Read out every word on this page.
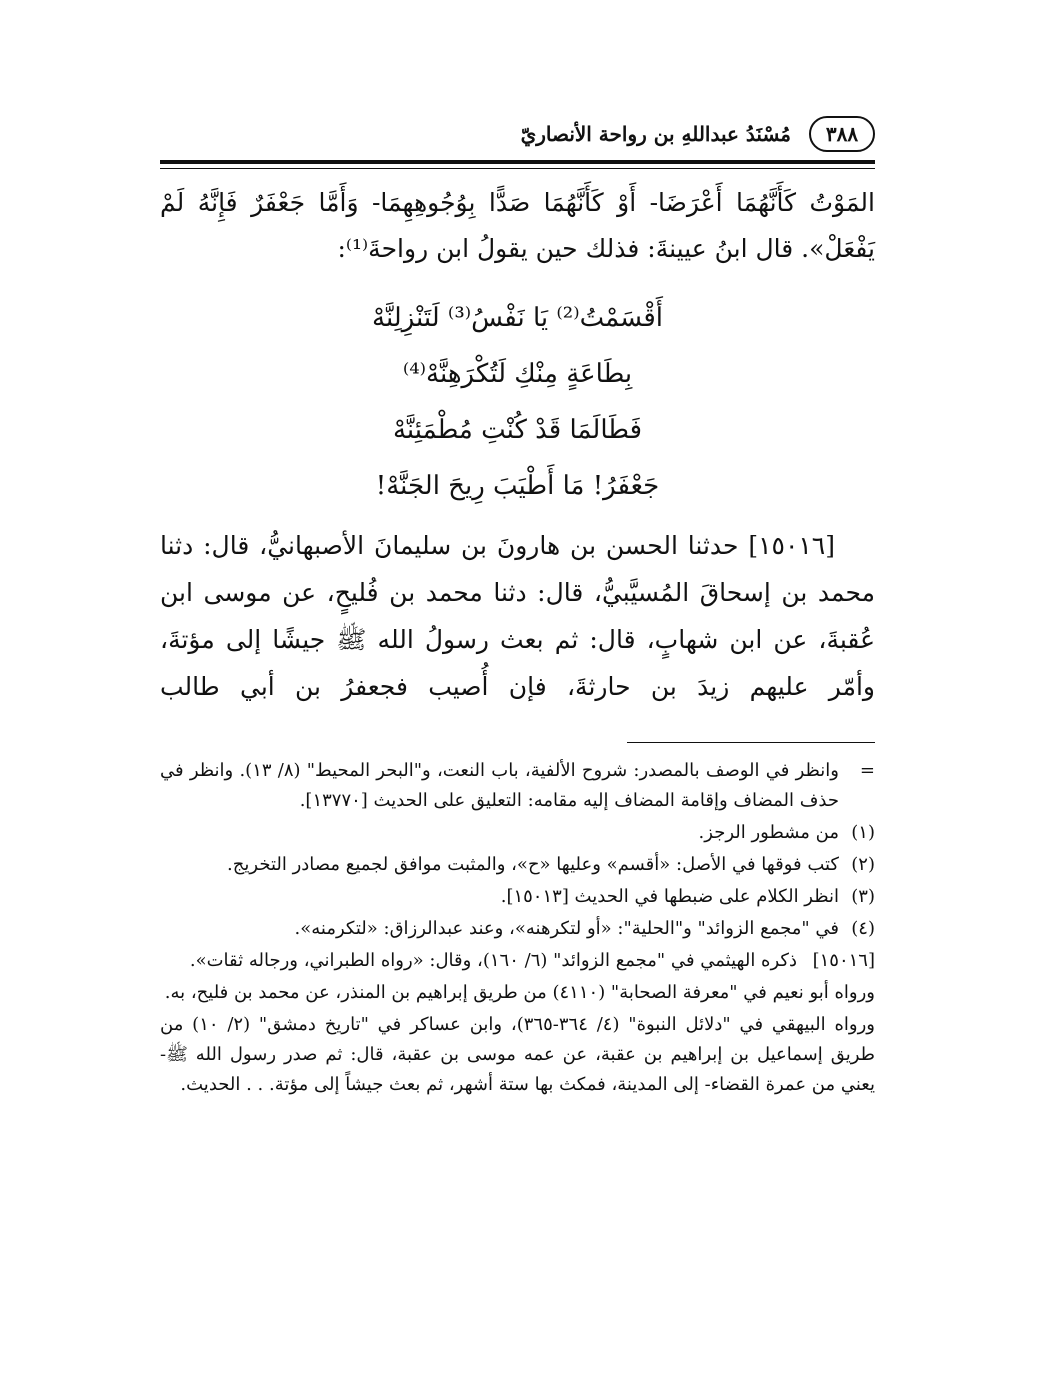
٣٨٨
مُسْنَدُ عبداللهِ بن رواحة الأنصاريّ

المَوْتُ كَأَنَّهُمَا أَعْرَضَا- أَوْ كَأَنَّهُمَا صَدًّا بِوُجُوهِهِمَا- وَأَمَّا جَعْفَرٌ فَإِنَّهُ لَمْ

يَفْعَلْ». قال ابنُ عيينةَ: فذلك حين يقولُ ابن رواحةَ⁽¹⁾:

أَقْسَمْتُ⁽²⁾ يَا نَفْسُ⁽³⁾ لَتَنْزِلِنَّهْ
بِطَاعَةٍ مِنْكِ لَتُكْرَهِنَّهْ⁽⁴⁾
فَطَالَمَا قَدْ كُنْتِ مُطْمَئِنَّهْ
جَعْفَرُ! مَا أَطْيَبَ رِيحَ الجَنَّهْ!
[١٥٠١٦] حدثنا الحسن بن هارونَ بن سليمانَ الأصبهانيُّ، قال: دثنا محمد بن إسحاقَ المُسيَّبيُّ، قال: دثنا محمد بن فُليحٍ، عن موسى ابن عُقبةَ، عن ابن شهابٍ، قال: ثم بعث رسولُ الله ﷺ جيشًا إلى مؤتةَ، وأمّر عليهم زيدَ بن حارثةَ، فإن أُصيب فجعفرُ بن أبي طالب
=
وانظر في الوصف بالمصدر: شروح الألفية، باب النعت، و"البحر المحيط" (٨/ ١٣). وانظر في حذف المضاف وإقامة المضاف إليه مقامه: التعليق على الحديث [١٣٧٧٠].
(١)
من مشطور الرجز.
(٢)
كتب فوقها في الأصل: «أقسم» وعليها «ح»، والمثبت موافق لجميع مصادر التخريج.
(٣)
انظر الكلام على ضبطها في الحديث [١٥٠١٣].
(٤)
في "مجمع الزوائد" و"الحلية": «أو لتكرهنه»، وعند عبدالرزاق: «لتكرمنه».
[١٥٠١٦]
ذكره الهيثمي في "مجمع الزوائد" (٦/ ١٦٠)، وقال: «رواه الطبراني، ورجاله ثقات».

ورواه أبو نعيم في "معرفة الصحابة" (٤١١٠) من طريق إبراهيم بن المنذر، عن محمد بن فليح، به.

ورواه البيهقي في "دلائل النبوة" (٤/ ٣٦٤-٣٦٥)، وابن عساكر في "تاريخ دمشق" (٢/ ١٠) من طريق إسماعيل بن إبراهيم بن عقبة، عن عمه موسى بن عقبة، قال: ثم صدر رسول الله ﷺ- يعني من عمرة القضاء- إلى المدينة، فمكث بها ستة أشهر، ثم بعث جيشاً إلى مؤتة. . . الحديث.
